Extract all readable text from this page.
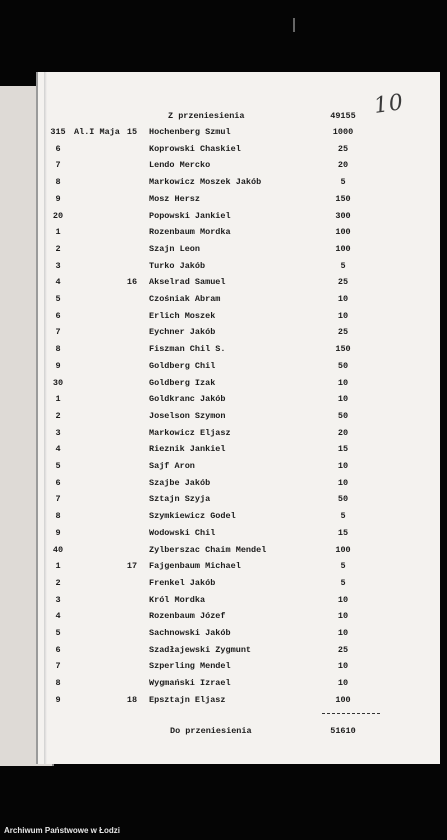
10
Z przeniesienia	49155
315 Al.I Maja 15	Hochenberg Szmul	1000
6	Koprowski Chaskiel	25
7	Lendo Mercko	20
8	Markowicz Moszek Jakób	5
9	Mosz Hersz	150
20	Popowski Jankiel	300
1	Rozenbaum Mordka	100
2	Szajn Leon	100
3	Turko Jakób	5
4	16	Akselrad Samuel	25
5	Czośniak Abram	10
6	Erlich Moszek	10
7	Eychner Jakób	25
8	Fiszman Chil S.	150
9	Goldberg Chil	50
30	Goldberg Izak	10
1	Goldkranc Jakób	10
2	Joselson Szymon	50
3	Markowicz Eljasz	20
4	Rieznik Jankiel	15
5	Sajf Aron	10
6	Szajbe Jakób	10
7	Sztajn Szyja	50
8	Szymkiewicz Godel	5
9	Wodowski Chil	15
40	Zylberszac Chaim Mendel	100
1	17	Fajgenbaum Michael	5
2	Frenkel Jakób	5
3	Król Mordka	10
4	Rozenbaum Józef	10
5	Sachnowski Jakób	10
6	Szadłajewski Zygmunt	25
7	Szperling Mendel	10
8	Wygmański Izrael	10
9	18	Epsztajn Eljasz	100
Do przeniesienia	51610
Archiwum Państwowe w Łodzi
